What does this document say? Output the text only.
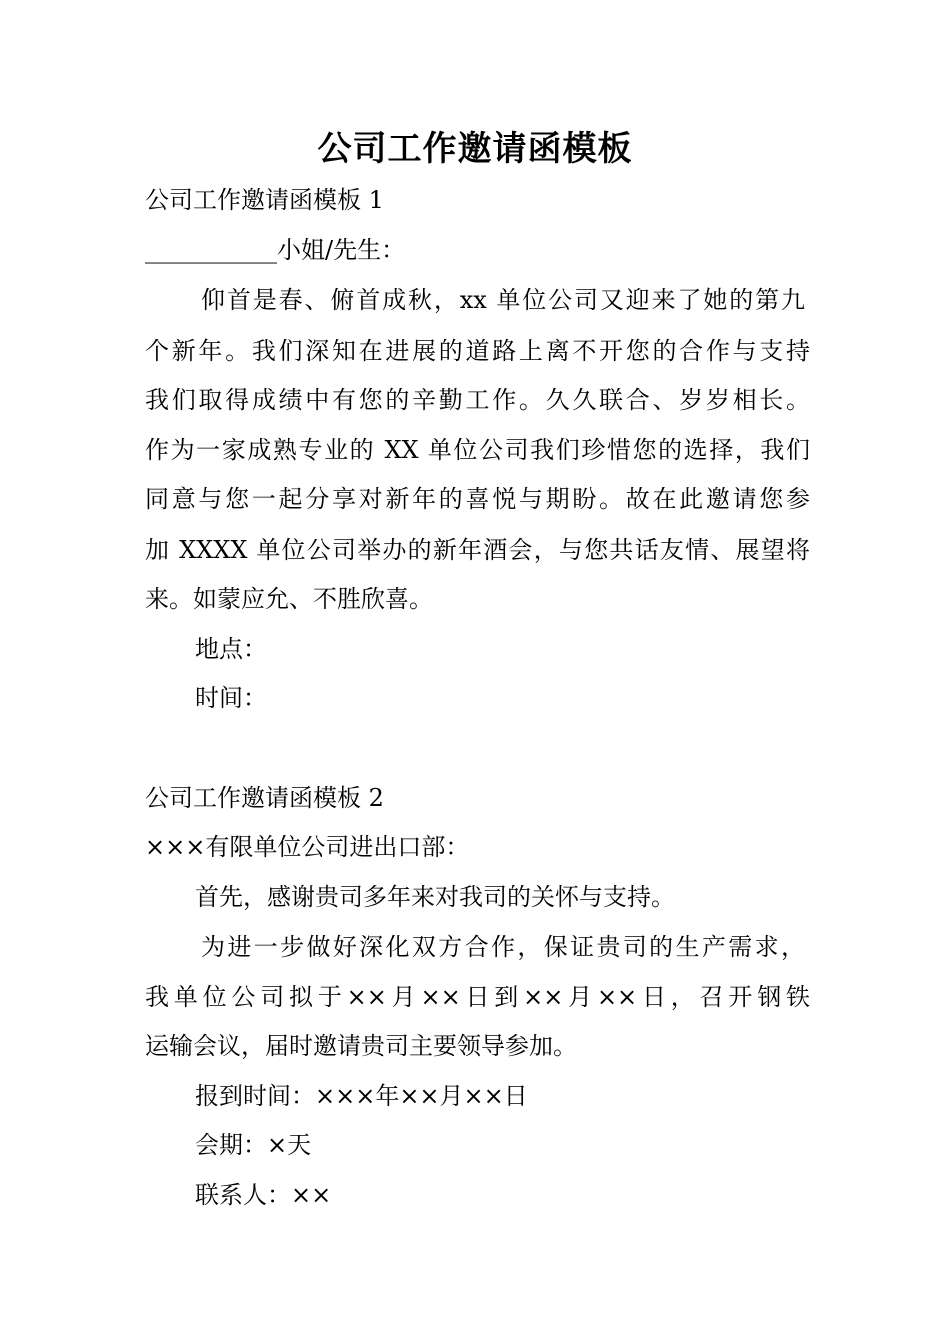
公司工作邀请函模板
公司工作邀请函模板 1
___________小姐/先生：
仰首是春、俯首成秋，xx 单位公司又迎来了她的第九
个新年。我们深知在进展的道路上离不开您的合作与支持
我们取得成绩中有您的辛勤工作。久久联合、岁岁相长。
作为一家成熟专业的 XX 单位公司我们珍惜您的选择，我们
同意与您一起分享对新年的喜悦与期盼。故在此邀请您参
加 XXXX 单位公司举办的新年酒会，与您共话友情、展望将
来。如蒙应允、不胜欣喜。
地点：
时间：
公司工作邀请函模板 2
×××有限单位公司进出口部：
首先，感谢贵司多年来对我司的关怀与支持。
为进一步做好深化双方合作，保证贵司的生产需求，
我单位公司拟于××月××日到××月××日，召开钢铁
运输会议，届时邀请贵司主要领导参加。
报到时间：×××年××月××日
会期：×天
联系人：××
